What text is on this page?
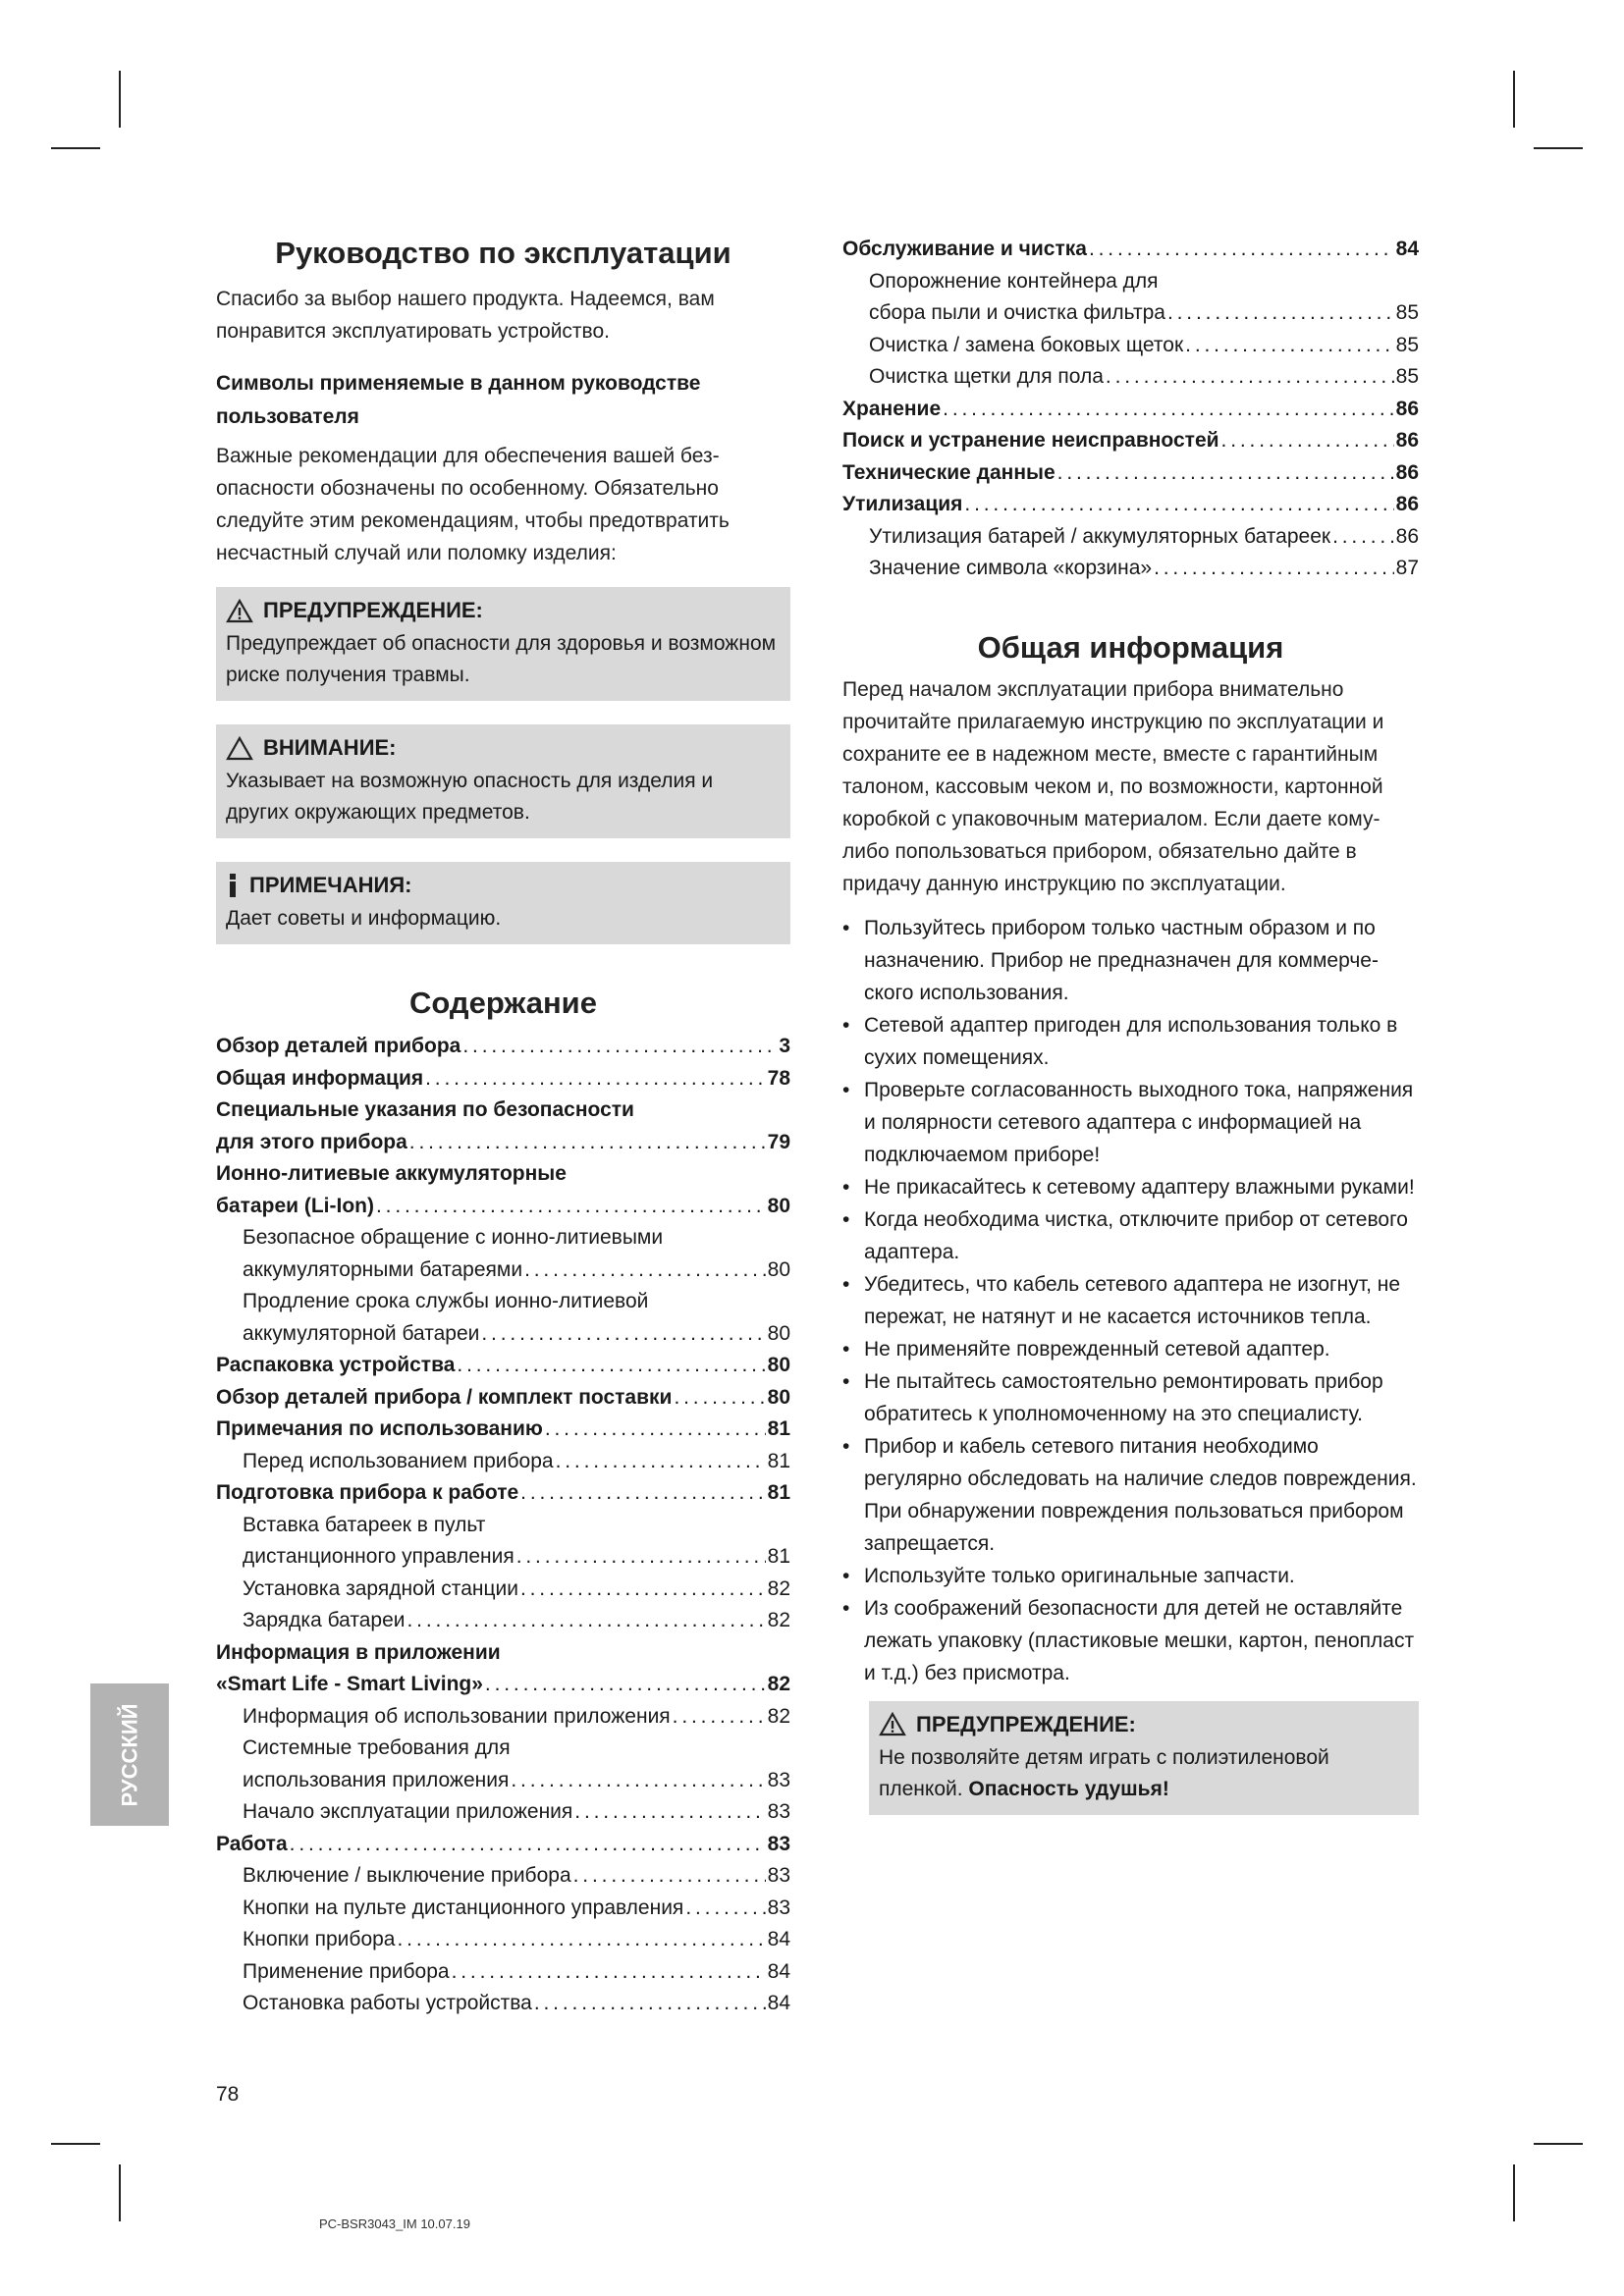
Руководство по эксплуатации

Спасибо за выбор нашего продукта. Надеемся, вам понравится эксплуатировать устройство.

Символы применяемые в данном руководстве пользователя

Важные рекомендации для обеспечения вашей безопасности обозначены по особенному. Обязательно следуйте этим рекомендациям, чтобы предотвратить несчастный случай или поломку изделия:

ПРЕДУПРЕЖДЕНИЕ:
Предупреждает об опасности для здоровья и возможном риске получения травмы.
ВНИМАНИЕ:
Указывает на возможную опасность для изделия и других окружающих предметов.
ПРИМЕЧАНИЯ:
Дает советы и информацию.
Содержание
Обзор деталей прибора . . .	3
Общая информация . . .	78
Специальные указания по безопасности
для этого прибора . . .	79
Ионно-литиевые аккумуляторные
батареи (Li-Ion) . . .	80
Безопасное обращение с ионно-литиевыми
аккумуляторными батареями . . .	80
Продление срока службы ионно-литиевой
аккумуляторной батареи . . .	80
Распаковка устройства . . .	80
Обзор деталей прибора / комплект поставки . . .	80
Примечания по использованию . . .	81
Перед использованием прибора . . .	81
Подготовка прибора к работе . . .	81
Вставка батареек в пульт
дистанционного управления . . .	81
Установка зарядной станции . . .	82
Зарядка батареи . . .	82
Информация в приложении
«Smart Life - Smart Living» . . .	82
Информация об использовании приложения . . .	82
Системные требования для
использования приложения . . .	83
Начало эксплуатации приложения . . .	83
Работа . . .	83
Включение / выключение прибора . . .	83
Кнопки на пульте дистанционного управления . . .	83
Кнопки прибора . . .	84
Применение прибора . . .	84
Остановка работы устройства . . .	84
Обслуживание и чистка . . .	84
Опорожнение контейнера для
сбора пыли и очистка фильтра . . .	85
Очистка / замена боковых щеток . . .	85
Очистка щетки для пола . . .	85
Хранение . . .	86
Поиск и устранение неисправностей . . .	86
Технические данные . . .	86
Утилизация . . .	86
Утилизация батарей / аккумуляторных батареек . . .	86
Значение символа «корзина» . . .	87
Общая информация

Перед началом эксплуатации прибора внимательно прочитайте прилагаемую инструкцию по эксплуатации и сохраните ее в надежном месте, вместе с гарантийным талоном, кассовым чеком и, по возможности, картонной коробкой с упаковочным материалом. Если даете кому-либо попользоваться прибором, обязательно дайте в придачу данную инструкцию по эксплуатации.

• Пользуйтесь прибором только частным образом и по назначению. Прибор не предназначен для коммерческого использования.
• Сетевой адаптер пригоден для использования только в сухих помещениях.
• Проверьте согласованность выходного тока, напряжения и полярности сетевого адаптера с информацией на подключаемом приборе!
• Не прикасайтесь к сетевому адаптеру влажными руками!
• Когда необходима чистка, отключите прибор от сетевого адаптера.
• Убедитесь, что кабель сетевого адаптера не изогнут, не пережат, не натянут и не касается источников тепла.
• Не применяйте поврежденный сетевой адаптер.
• Не пытайтесь самостоятельно ремонтировать прибор обратитесь к уполномоченному на это специалисту.
• Прибор и кабель сетевого питания необходимо регулярно обследовать на наличие следов повреждения. При обнаружении повреждения пользоваться прибором запрещается.
• Используйте только оригинальные запчасти.
• Из соображений безопасности для детей не оставляйте лежать упаковку (пластиковые мешки, картон, пенопласт и т.д.) без присмотра.
ПРЕДУПРЕЖДЕНИЕ:
Не позволяйте детям играть с полиэтиленовой пленкой. Опасность удушья!
РУССКИЙ
78
PC-BSR3043_IM 10.07.19
